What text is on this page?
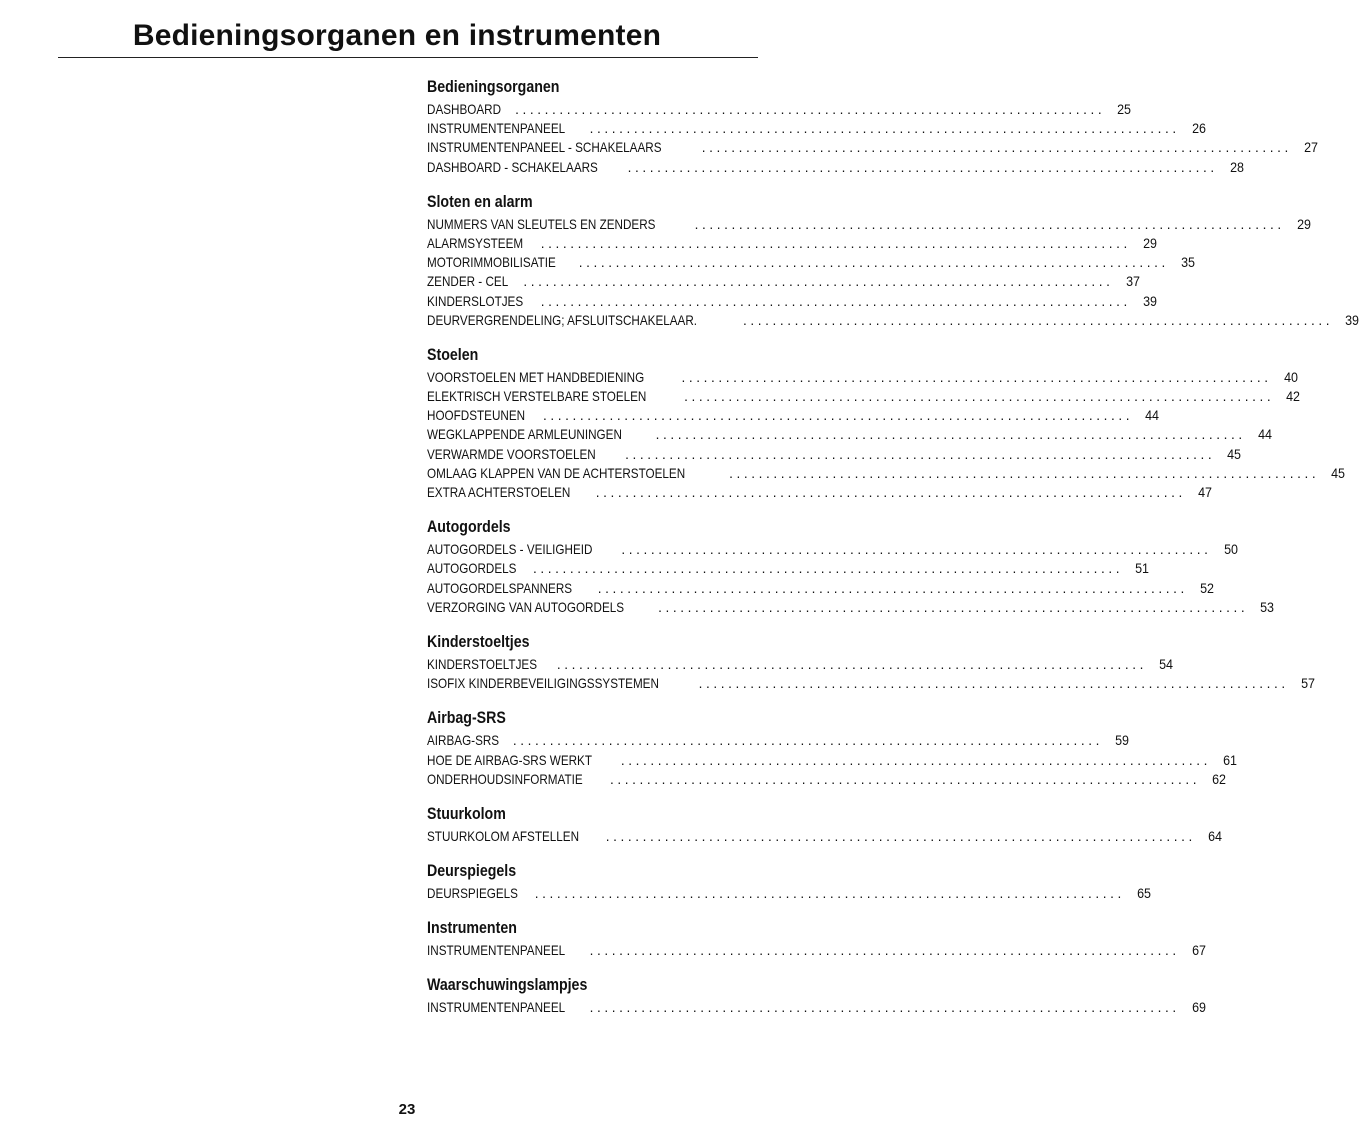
Bedieningsorganen en instrumenten
Bedieningsorganen
DASHBOARD	................................................................................ 25
INSTRUMENTENPANEEL	................................................................................ 26
INSTRUMENTENPANEEL - SCHAKELAARS	................................................................................ 27
DASHBOARD - SCHAKELAARS	................................................................................ 28
Sloten en alarm
NUMMERS VAN SLEUTELS EN ZENDERS	................................................................................ 29
ALARMSYSTEEM	................................................................................ 29
MOTORIMMOBILISATIE	................................................................................ 35
ZENDER - CEL	................................................................................ 37
KINDERSLOTJES	................................................................................ 39
DEURVERGRENDELING; AFSLUITSCHAKELAAR.	................................................................................ 39
Stoelen
VOORSTOELEN MET HANDBEDIENING	................................................................................ 40
ELEKTRISCH VERSTELBARE STOELEN	................................................................................ 42
HOOFDSTEUNEN	................................................................................ 44
WEGKLAPPENDE ARMLEUNINGEN	................................................................................ 44
VERWARMDE VOORSTOELEN	................................................................................ 45
OMLAAG KLAPPEN VAN DE ACHTERSTOELEN	................................................................................ 45
EXTRA ACHTERSTOELEN	................................................................................ 47
Autogordels
AUTOGORDELS - VEILIGHEID	................................................................................ 50
AUTOGORDELS	................................................................................ 51
AUTOGORDELSPANNERS	................................................................................ 52
VERZORGING VAN AUTOGORDELS	................................................................................ 53
Kinderstoeltjes
KINDERSTOELTJES	................................................................................ 54
ISOFIX KINDERBEVEILIGINGSSYSTEMEN	................................................................................ 57
Airbag-SRS
AIRBAG-SRS	................................................................................ 59
HOE DE AIRBAG-SRS WERKT	................................................................................ 61
ONDERHOUDSINFORMATIE	................................................................................ 62
Stuurkolom
STUURKOLOM AFSTELLEN	................................................................................ 64
Deurspiegels
DEURSPIEGELS	................................................................................ 65
Instrumenten
INSTRUMENTENPANEEL	................................................................................ 67
Waarschuwingslampjes
INSTRUMENTENPANEEL	................................................................................ 69
23
